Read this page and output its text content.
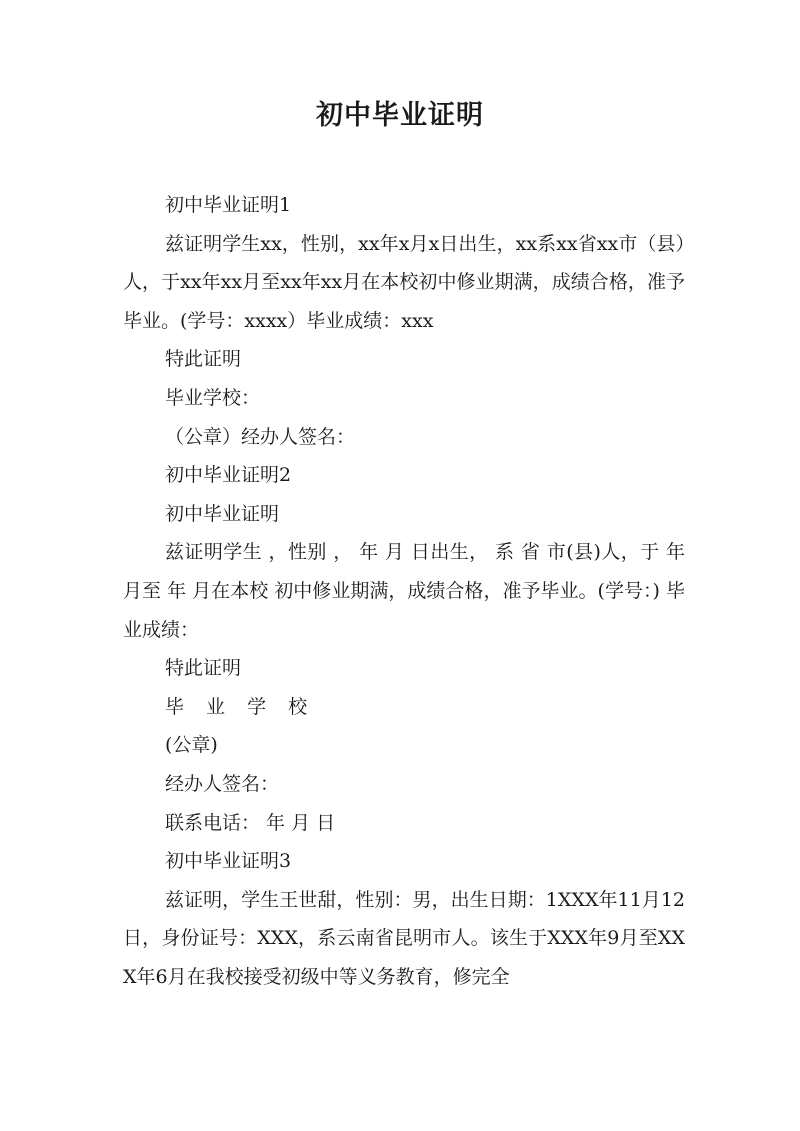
初中毕业证明

初中毕业证明1

兹证明学生xx，性别，xx年x月x日出生，xx系xx省xx市（县）人，于xx年xx月至xx年xx月在本校初中修业期满，成绩合格，准予毕业。(学号：xxxx）毕业成绩：xxx

特此证明

毕业学校：

（公章）经办人签名：

初中毕业证明2

初中毕业证明

兹证明学生 ，性别 ， 年 月 日出生， 系 省 市(县)人，于 年 月至 年 月在本校 初中修业期满，成绩合格，准予毕业。(学号：) 毕业成绩：

特此证明

毕 业 学 校

(公章)

经办人签名：

联系电话： 年 月 日

初中毕业证明3

兹证明，学生王世甜，性别：男，出生日期：1XXX年11月12日，身份证号：XXX，系云南省昆明市人。该生于XXX年9月至XXX年6月在我校接受初级中等义务教育，修完全
